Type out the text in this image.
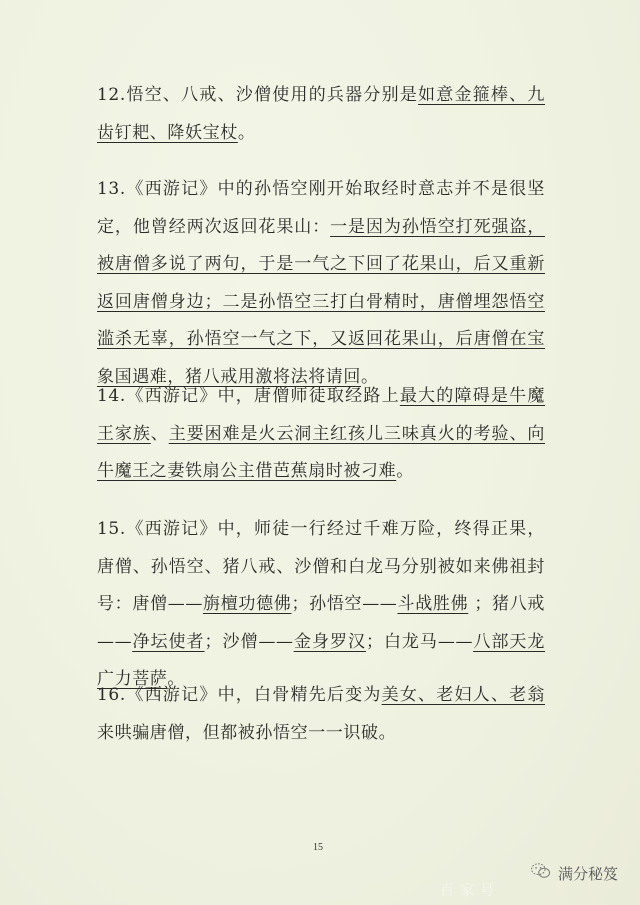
12.悟空、八戒、沙僧使用的兵器分别是如意金箍棒、九齿钉耙、降妖宝杖。
13.《西游记》中的孙悟空刚开始取经时意志并不是很坚定，他曾经两次返回花果山：一是因为孙悟空打死强盗，被唐僧多说了两句，于是一气之下回了花果山，后又重新返回唐僧身边；二是孙悟空三打白骨精时，唐僧埋怨悟空滥杀无辜，孙悟空一气之下，又返回花果山，后唐僧在宝象国遇难，猪八戒用激将法将请回。
14.《西游记》中，唐僧师徒取经路上最大的障碍是牛魔王家族、主要困难是火云洞主红孩儿三味真火的考验、向牛魔王之妻铁扇公主借芭蕉扇时被刁难。
15.《西游记》中，师徒一行经过千难万险，终得正果，唐僧、孙悟空、猪八戒、沙僧和白龙马分别被如来佛祖封号：唐僧——旃檀功德佛；孙悟空——斗战胜佛 ；猪八戒——净坛使者；沙僧——金身罗汉；白龙马——八部天龙广力菩萨。
16.《西游记》中，白骨精先后变为美女、老妇人、老翁来哄骗唐僧，但都被孙悟空一一识破。
15
百家号
满分秘笈
